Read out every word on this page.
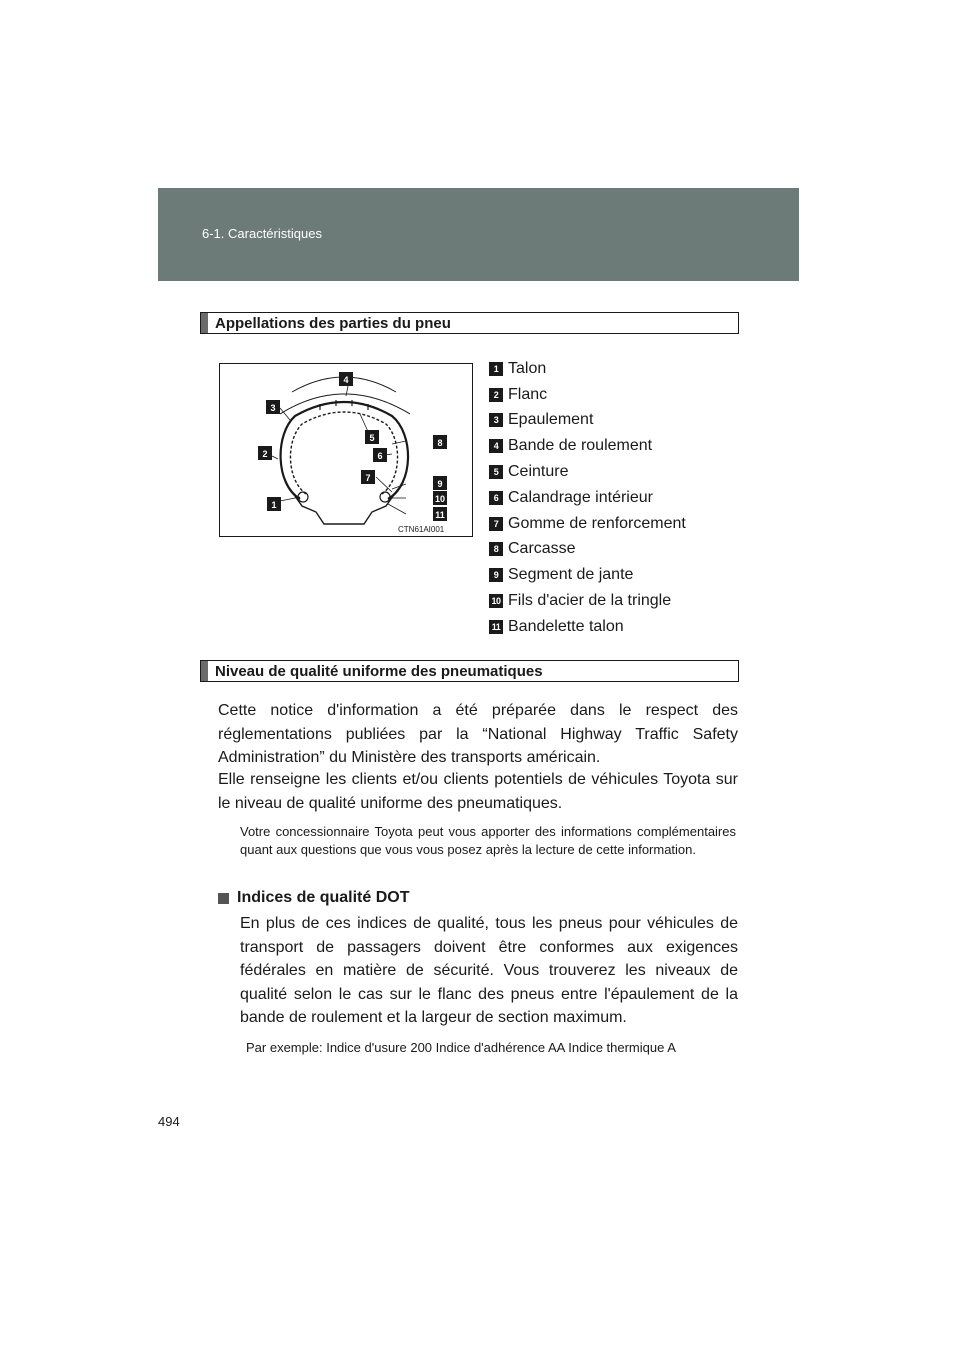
6-1. Caractéristiques
Appellations des parties du pneu
1
2
3
4
5
6
7
8
9
10
11
CTN61AI001
1 Talon
2 Flanc
3 Epaulement
4 Bande de roulement
5 Ceinture
6 Calandrage intérieur
7 Gomme de renforcement
8 Carcasse
9 Segment de jante
10 Fils d'acier de la tringle
11 Bandelette talon
Niveau de qualité uniforme des pneumatiques

Cette notice d'information a été préparée dans le respect des réglementations publiées par la “National Highway Traffic Safety Administration” du Ministère des transports américain.

Elle renseigne les clients et/ou clients potentiels de véhicules Toyota sur le niveau de qualité uniforme des pneumatiques.

Votre concessionnaire Toyota peut vous apporter des informations complémentaires quant aux questions que vous vous posez après la lecture de cette information.

Indices de qualité DOT

En plus de ces indices de qualité, tous les pneus pour véhicules de transport de passagers doivent être conformes aux exigences fédérales en matière de sécurité. Vous trouverez les niveaux de qualité selon le cas sur le flanc des pneus entre l'épaulement de la bande de roulement et la largeur de section maximum.

Par exemple: Indice d'usure 200 Indice d'adhérence AA Indice thermique A

494
